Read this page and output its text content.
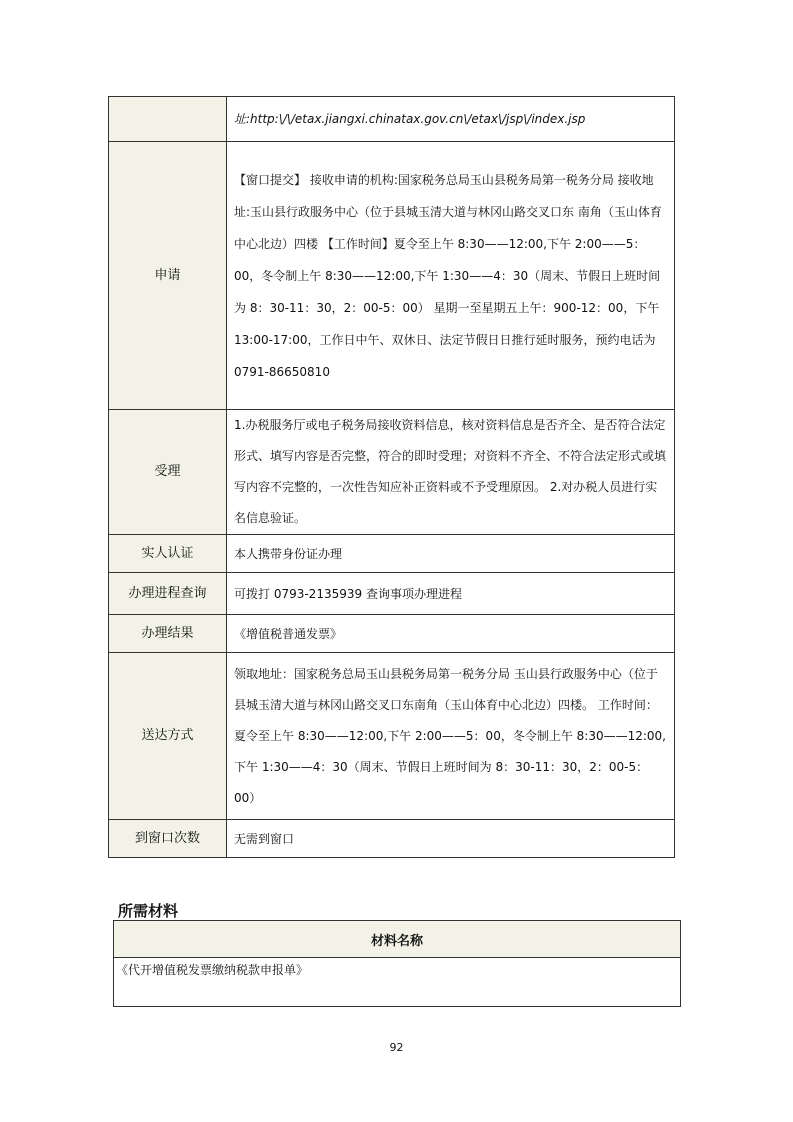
	址:http:\/\/etax.jiangxi.chinatax.gov.cn\/etax\/jsp\/index.jsp
申请	【窗口提交】 接收申请的机构:国家税务总局玉山县税务局第一税务分局 接收地址:玉山县行政服务中心（位于县城玉清大道与林冈山路交叉口东 南角（玉山体育中心北边）四楼 【工作时间】夏令至上午 8:30——12:00,下午 2:00——5：00，冬令制上午 8:30——12:00,下午 1:30——4：30（周末、节假日上班时间为 8：30-11：30，2：00-5：00） 星期一至星期五上午：900-12：00，下午 13:00-17:00，工作日中午、双休日、法定节假日日推行延时服务，预约电话为 0791-86650810
受理	1.办税服务厅或电子税务局接收资料信息，核对资料信息是否齐全、是否符合法定形式、填写内容是否完整，符合的即时受理；对资料不齐全、不符合法定形式或填写内容不完整的，一次性告知应补正资料或不予受理原因。 2.对办税人员进行实名信息验证。
实人认证	本人携带身份证办理
办理进程查询	可拨打 0793-2135939 查询事项办理进程
办理结果	《增值税普通发票》
送达方式	领取地址：国家税务总局玉山县税务局第一税务分局 玉山县行政服务中心（位于县城玉清大道与林冈山路交叉口东南角（玉山体育中心北边）四楼。 工作时间：夏令至上午 8:30——12:00,下午 2:00——5：00，冬令制上午 8:30——12:00,下午 1:30——4：30（周末、节假日上班时间为 8：30-11：30，2：00-5：00）
到窗口次数	无需到窗口
所需材料
材料名称
《代开增值税发票缴纳税款申报单》
92
